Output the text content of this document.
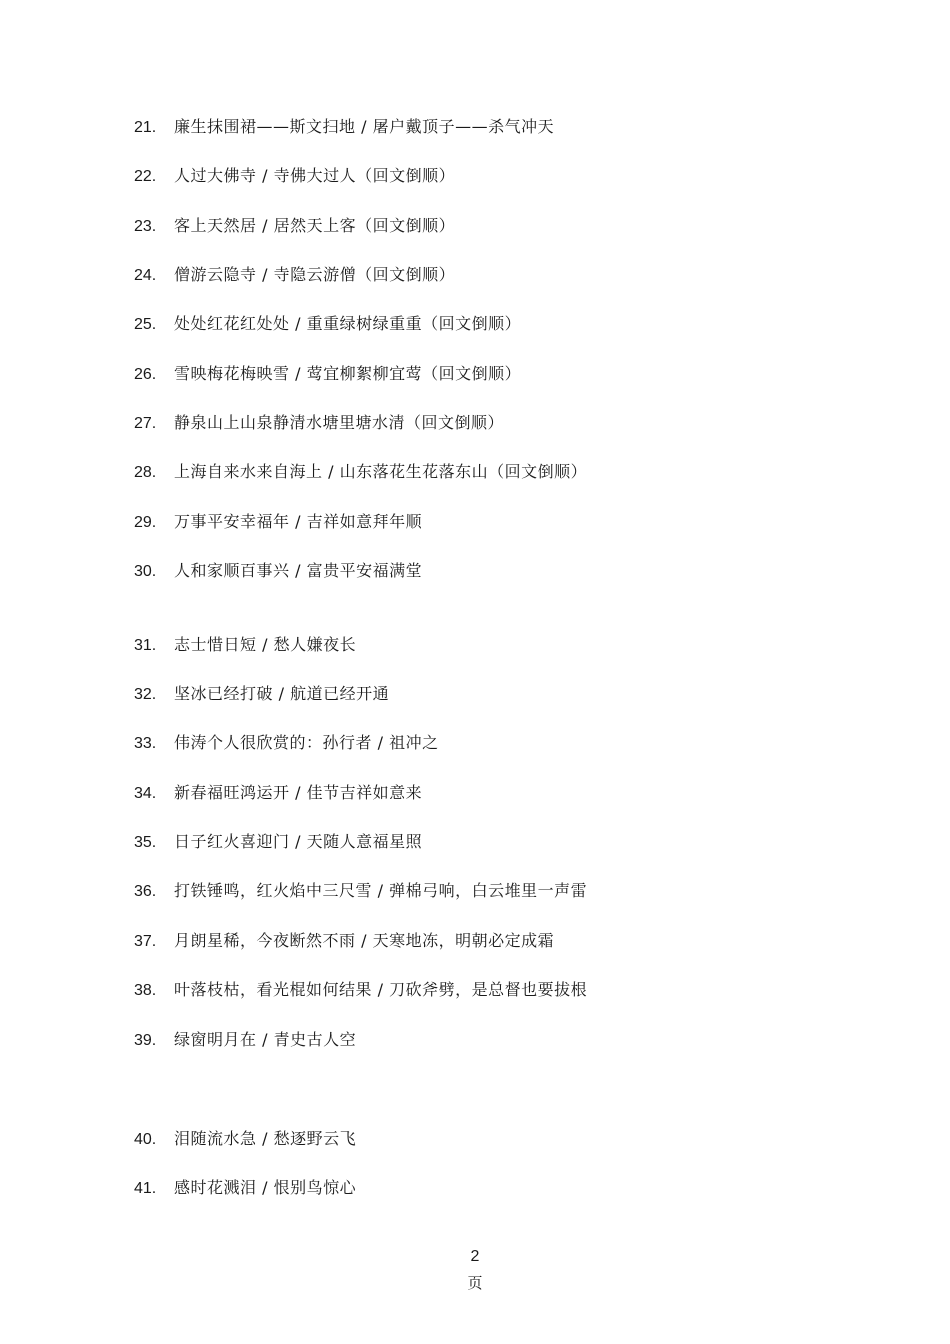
21. 廉生抹围裙——斯文扫地 / 屠户戴顶子——杀气冲天
22. 人过大佛寺 / 寺佛大过人（回文倒顺）
23. 客上天然居 / 居然天上客（回文倒顺）
24. 僧游云隐寺 / 寺隐云游僧（回文倒顺）
25. 处处红花红处处 / 重重绿树绿重重（回文倒顺）
26. 雪映梅花梅映雪 / 莺宜柳絮柳宜莺（回文倒顺）
27. 静泉山上山泉静清水塘里塘水清（回文倒顺）
28. 上海自来水来自海上 / 山东落花生花落东山（回文倒顺）
29. 万事平安幸福年 / 吉祥如意拜年顺
30. 人和家顺百事兴 / 富贵平安福满堂
31. 志士惜日短 / 愁人嫌夜长
32. 坚冰已经打破 / 航道已经开通
33. 伟涛个人很欣赏的：孙行者 / 祖冲之
34. 新春福旺鸿运开 / 佳节吉祥如意来
35. 日子红火喜迎门 / 天随人意福星照
36. 打铁锤鸣，红火焰中三尺雪 / 弹棉弓响，白云堆里一声雷
37. 月朗星稀，今夜断然不雨 / 天寒地冻，明朝必定成霜
38. 叶落枝枯，看光棍如何结果 / 刀砍斧劈，是总督也要拔根
39. 绿窗明月在 / 青史古人空
40. 泪随流水急 / 愁逐野云飞
41. 感时花溅泪 / 恨别鸟惊心
2
页
